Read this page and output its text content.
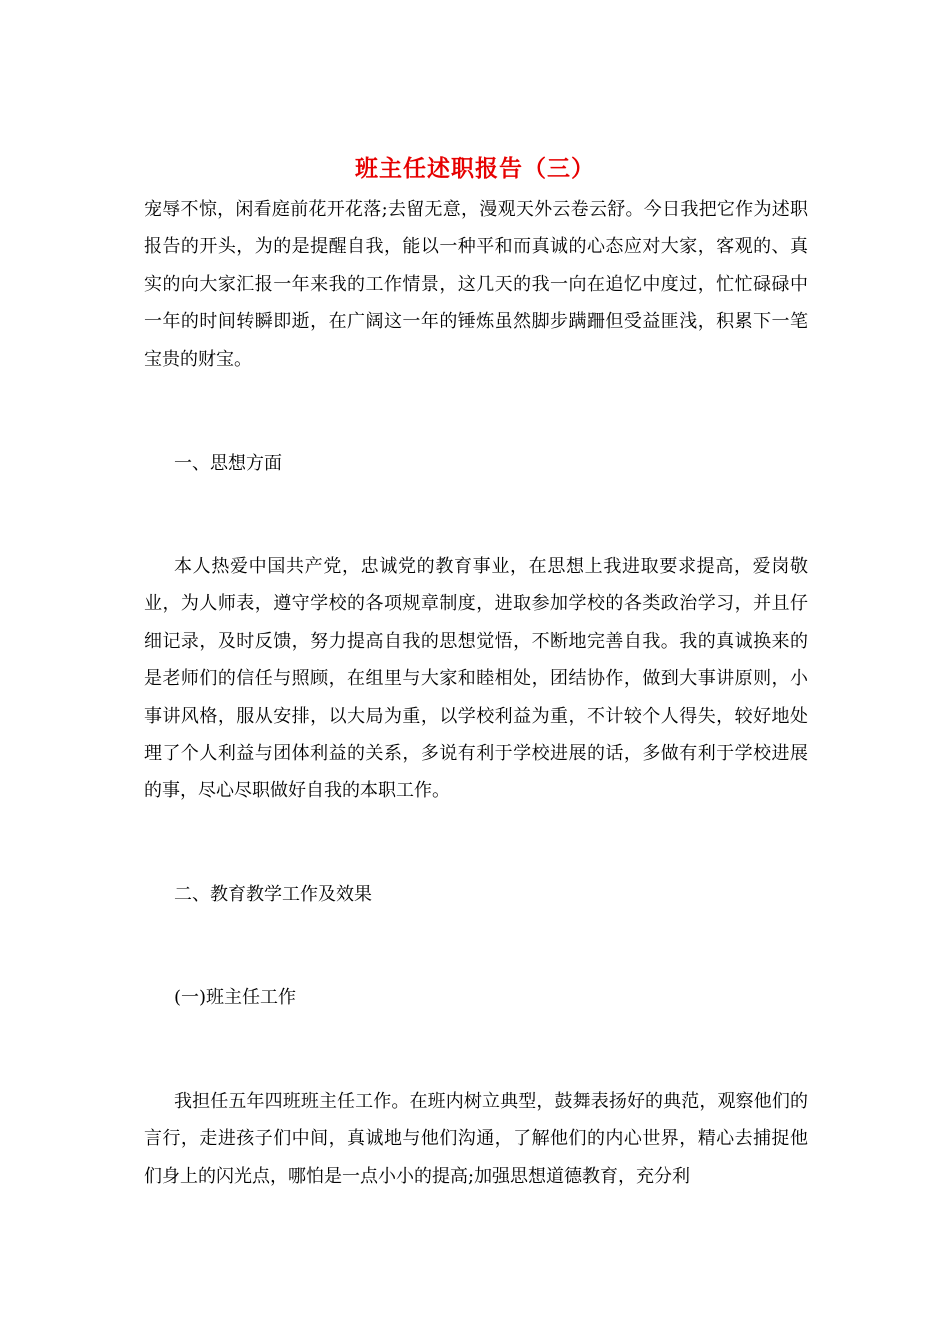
班主任述职报告（三）

宠辱不惊，闲看庭前花开花落;去留无意，漫观天外云卷云舒。今日我把它作为述职报告的开头，为的是提醒自我，能以一种平和而真诚的心态应对大家，客观的、真实的向大家汇报一年来我的工作情景，这几天的我一向在追忆中度过，忙忙碌碌中一年的时间转瞬即逝，在广阔这一年的锤炼虽然脚步蹒跚但受益匪浅，积累下一笔宝贵的财宝。

一、思想方面

本人热爱中国共产党，忠诚党的教育事业，在思想上我进取要求提高，爱岗敬业，为人师表，遵守学校的各项规章制度，进取参加学校的各类政治学习，并且仔细记录，及时反馈，努力提高自我的思想觉悟，不断地完善自我。我的真诚换来的是老师们的信任与照顾，在组里与大家和睦相处，团结协作，做到大事讲原则，小事讲风格，服从安排，以大局为重，以学校利益为重，不计较个人得失，较好地处理了个人利益与团体利益的关系，多说有利于学校进展的话，多做有利于学校进展的事，尽心尽职做好自我的本职工作。

二、教育教学工作及效果

(一)班主任工作

我担任五年四班班主任工作。在班内树立典型，鼓舞表扬好的典范，观察他们的言行，走进孩子们中间，真诚地与他们沟通，了解他们的内心世界，精心去捕捉他们身上的闪光点，哪怕是一点小小的提高;加强思想道德教育，充分利
